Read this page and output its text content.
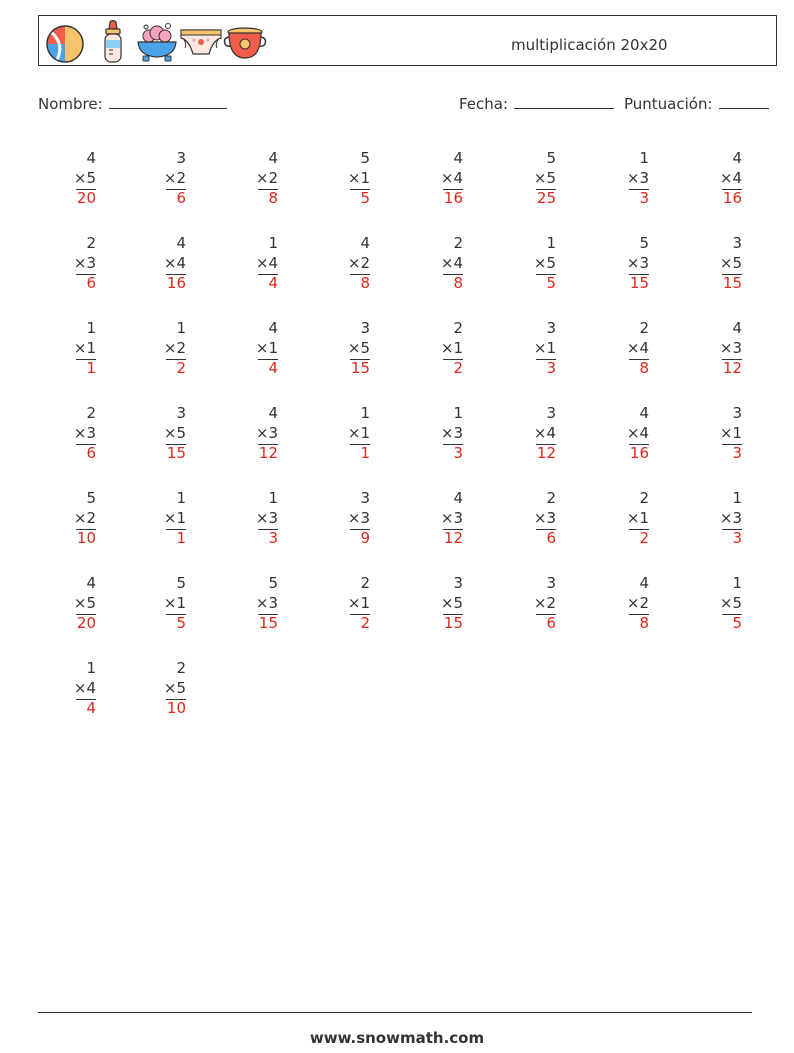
multiplicación 20x20
Nombre:	Fecha:	Puntuación:
4
×5
20
3
×2
6
4
×2
8
5
×1
5
4
×4
16
5
×5
25
1
×3
3
4
×4
16
2
×3
6
4
×4
16
1
×4
4
4
×2
8
2
×4
8
1
×5
5
5
×3
15
3
×5
15
1
×1
1
1
×2
2
4
×1
4
3
×5
15
2
×1
2
3
×1
3
2
×4
8
4
×3
12
2
×3
6
3
×5
15
4
×3
12
1
×1
1
1
×3
3
3
×4
12
4
×4
16
3
×1
3
5
×2
10
1
×1
1
1
×3
3
3
×3
9
4
×3
12
2
×3
6
2
×1
2
1
×3
3
4
×5
20
5
×1
5
5
×3
15
2
×1
2
3
×5
15
3
×2
6
4
×2
8
1
×5
5
1
×4
4
2
×5
10
www.snowmath.com
